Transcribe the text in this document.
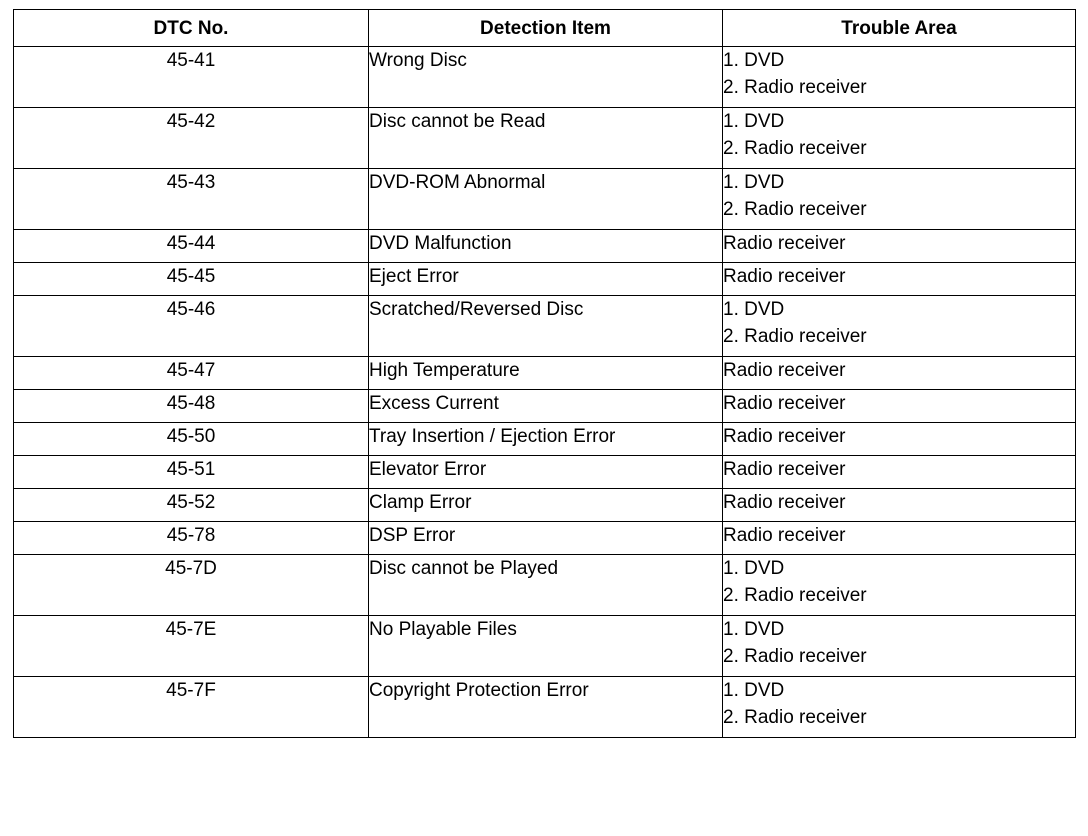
DTC No.	Detection Item	Trouble Area
45-41	Wrong Disc	1. DVD
2. Radio receiver

45-42	Disc cannot be Read	1. DVD
2. Radio receiver

45-43	DVD-ROM Abnormal	1. DVD
2. Radio receiver

45-44	DVD Malfunction	Radio receiver

45-45	Eject Error	Radio receiver

45-46	Scratched/Reversed Disc	1. DVD
2. Radio receiver

45-47	High Temperature	Radio receiver

45-48	Excess Current	Radio receiver

45-50	Tray Insertion / Ejection Error	Radio receiver

45-51	Elevator Error	Radio receiver

45-52	Clamp Error	Radio receiver

45-78	DSP Error	Radio receiver

45-7D	Disc cannot be Played	1. DVD
2. Radio receiver

45-7E	No Playable Files	1. DVD
2. Radio receiver

45-7F	Copyright Protection Error	1. DVD
2. Radio receiver
